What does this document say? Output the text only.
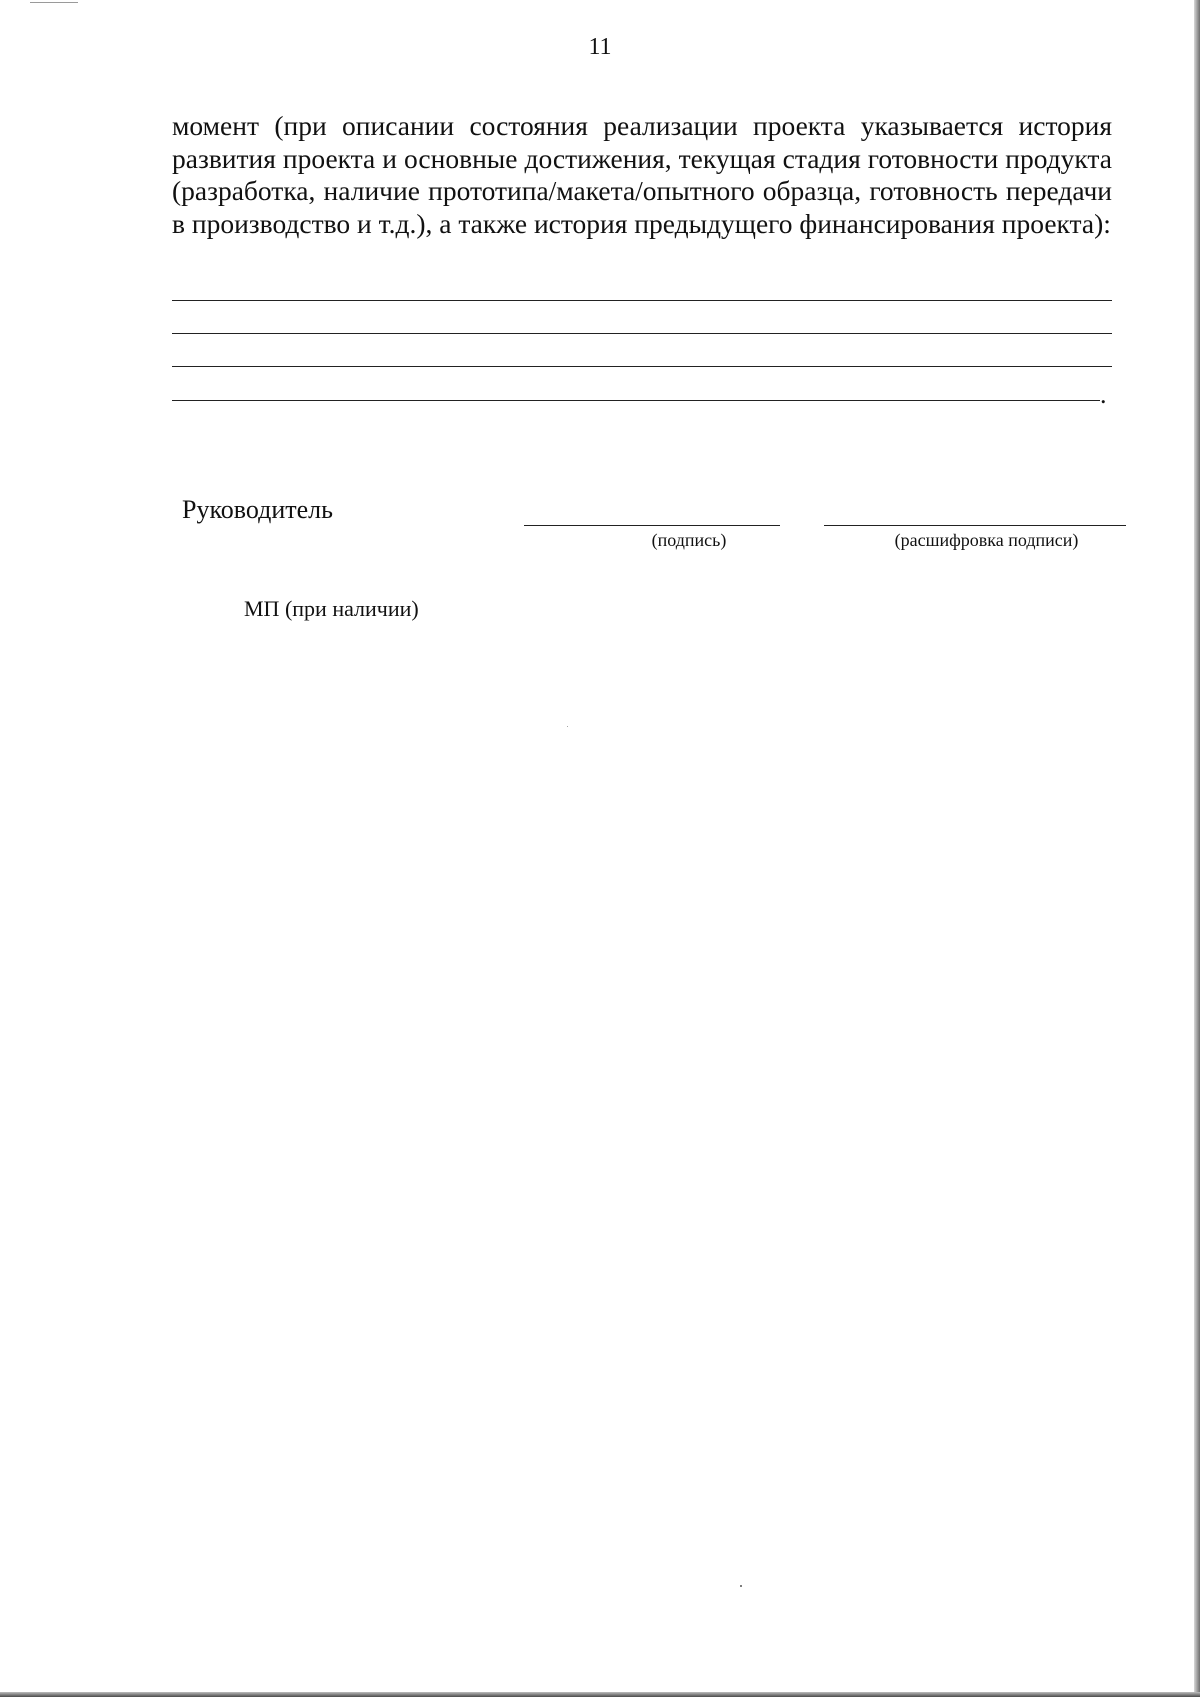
11
момент (при описании состояния реализации проекта указывается история развития проекта и основные достижения, текущая стадия готовности продукта (разработка, наличие прототипа/макета/опытного образца, готовность передачи в производство и т.д.), а также история предыдущего финансирования проекта):
.
Руководитель
(подпись)	(расшифровка подписи)
МП (при наличии)
